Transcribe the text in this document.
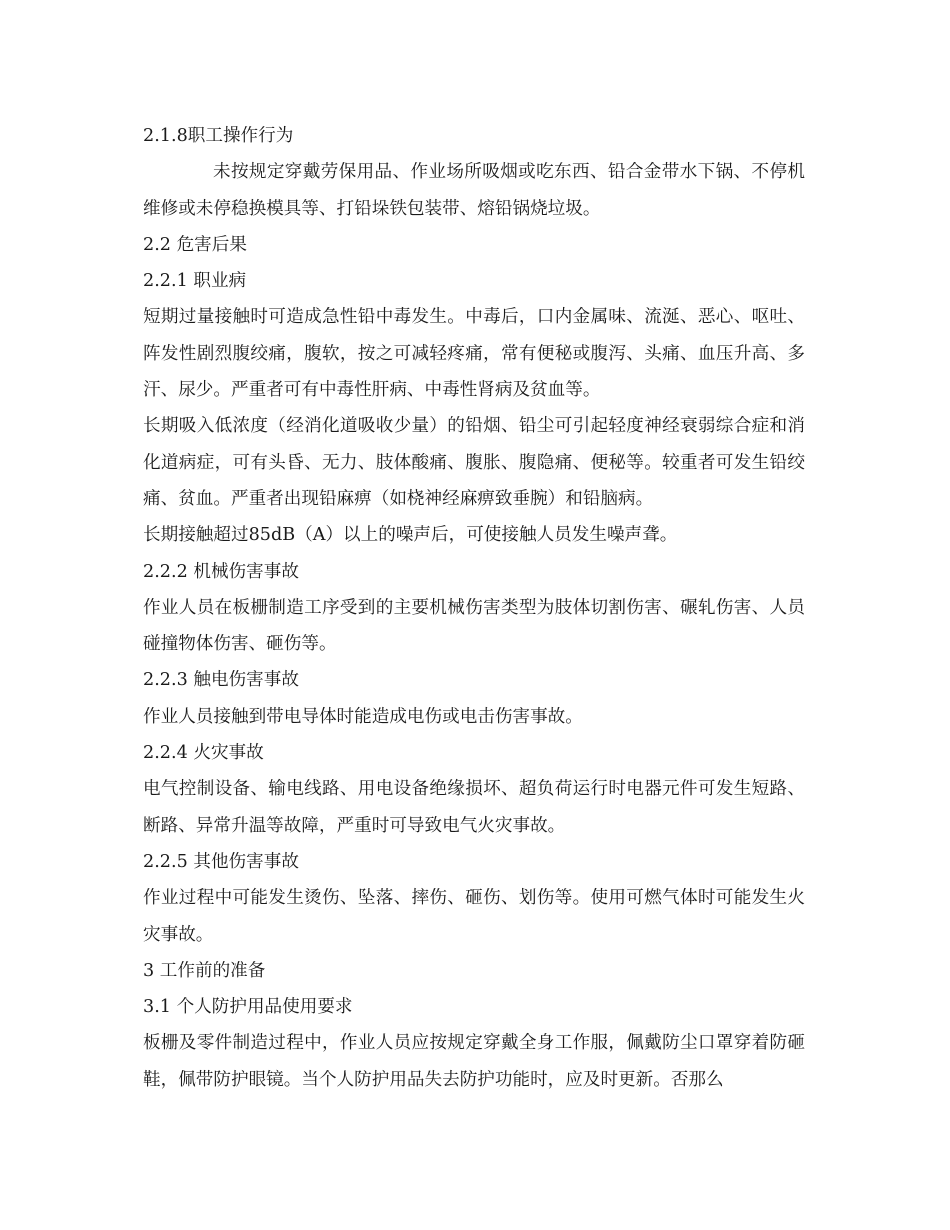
2.1.8职工操作行为
未按规定穿戴劳保用品、作业场所吸烟或吃东西、铅合金带水下锅、不停机维修或未停稳换模具等、打铅垛铁包装带、熔铅锅烧垃圾。
2.2 危害后果
2.2.1 职业病
短期过量接触时可造成急性铅中毒发生。中毒后，口内金属味、流涎、恶心、呕吐、阵发性剧烈腹绞痛，腹软，按之可减轻疼痛，常有便秘或腹泻、头痛、血压升高、多汗、尿少。严重者可有中毒性肝病、中毒性肾病及贫血等。
长期吸入低浓度（经消化道吸收少量）的铅烟、铅尘可引起轻度神经衰弱综合症和消化道病症，可有头昏、无力、肢体酸痛、腹胀、腹隐痛、便秘等。较重者可发生铅绞痛、贫血。严重者出现铅麻痹（如桡神经麻痹致垂腕）和铅脑病。
长期接触超过85dB（A）以上的噪声后，可使接触人员发生噪声聋。
2.2.2 机械伤害事故
作业人员在板栅制造工序受到的主要机械伤害类型为肢体切割伤害、碾轧伤害、人员碰撞物体伤害、砸伤等。
2.2.3 触电伤害事故
作业人员接触到带电导体时能造成电伤或电击伤害事故。
2.2.4 火灾事故
电气控制设备、输电线路、用电设备绝缘损坏、超负荷运行时电器元件可发生短路、断路、异常升温等故障，严重时可导致电气火灾事故。
2.2.5 其他伤害事故
作业过程中可能发生烫伤、坠落、摔伤、砸伤、划伤等。使用可燃气体时可能发生火灾事故。
3 工作前的准备
3.1 个人防护用品使用要求
板栅及零件制造过程中，作业人员应按规定穿戴全身工作服，佩戴防尘口罩穿着防砸鞋，佩带防护眼镜。当个人防护用品失去防护功能时，应及时更新。否那么
